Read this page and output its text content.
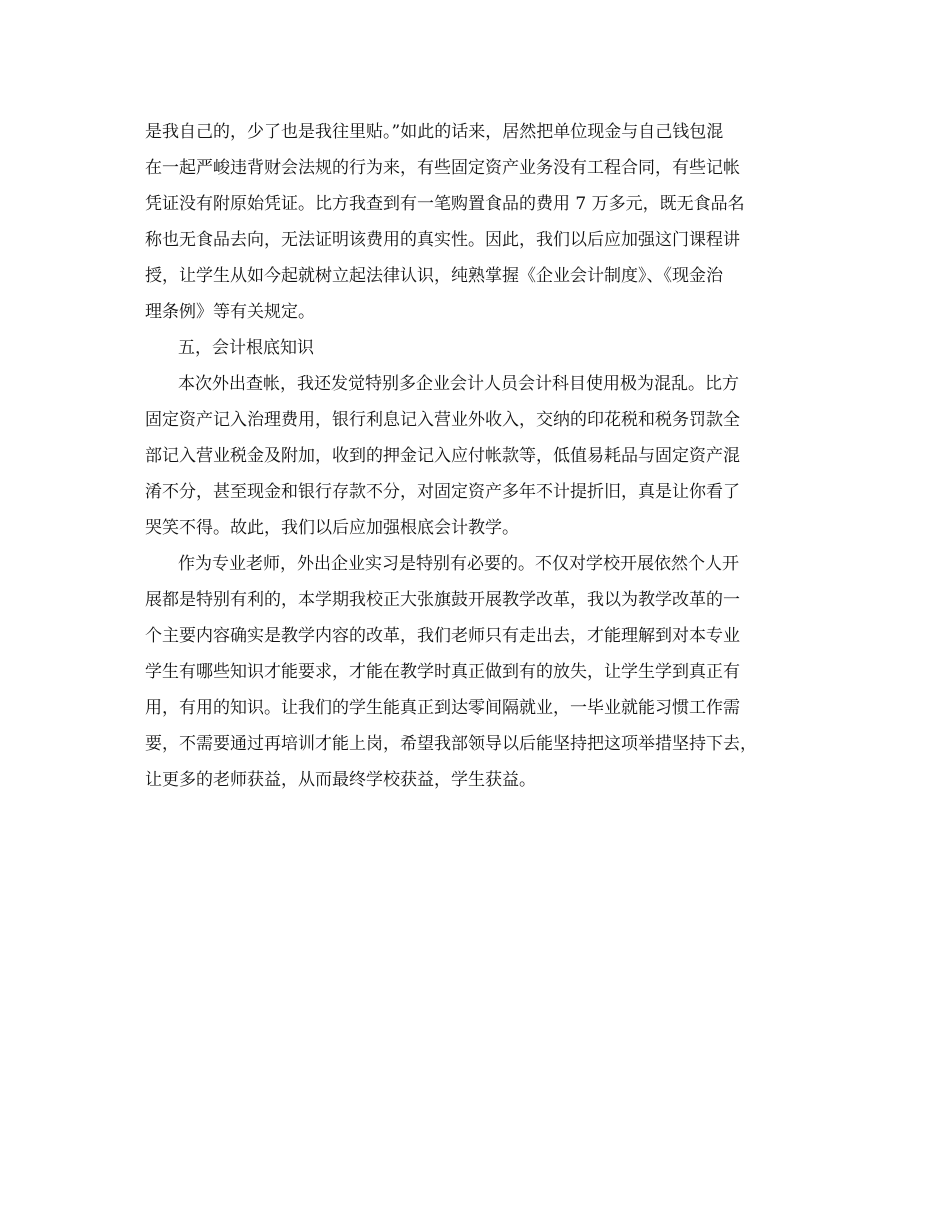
是我自己的，少了也是我往里贴。”如此的话来，居然把单位现金与自己钱包混
在一起严峻违背财会法规的行为来，有些固定资产业务没有工程合同，有些记帐
凭证没有附原始凭证。比方我查到有一笔购置食品的费用 7 万多元，既无食品名
称也无食品去向，无法证明该费用的真实性。因此，我们以后应加强这门课程讲
授，让学生从如今起就树立起法律认识，纯熟掌握《企业会计制度》、《现金治
理条例》等有关规定。
五，会计根底知识
本次外出查帐，我还发觉特别多企业会计人员会计科目使用极为混乱。比方
固定资产记入治理费用，银行利息记入营业外收入，交纳的印花税和税务罚款全
部记入营业税金及附加，收到的押金记入应付帐款等，低值易耗品与固定资产混
淆不分，甚至现金和银行存款不分，对固定资产多年不计提折旧，真是让你看了
哭笑不得。故此，我们以后应加强根底会计教学。
作为专业老师，外出企业实习是特别有必要的。不仅对学校开展依然个人开
展都是特别有利的，本学期我校正大张旗鼓开展教学改革，我以为教学改革的一
个主要内容确实是教学内容的改革，我们老师只有走出去，才能理解到对本专业
学生有哪些知识才能要求，才能在教学时真正做到有的放失，让学生学到真正有
用，有用的知识。让我们的学生能真正到达零间隔就业，一毕业就能习惯工作需
要，不需要通过再培训才能上岗，希望我部领导以后能坚持把这项举措坚持下去，
让更多的老师获益，从而最终学校获益，学生获益。
